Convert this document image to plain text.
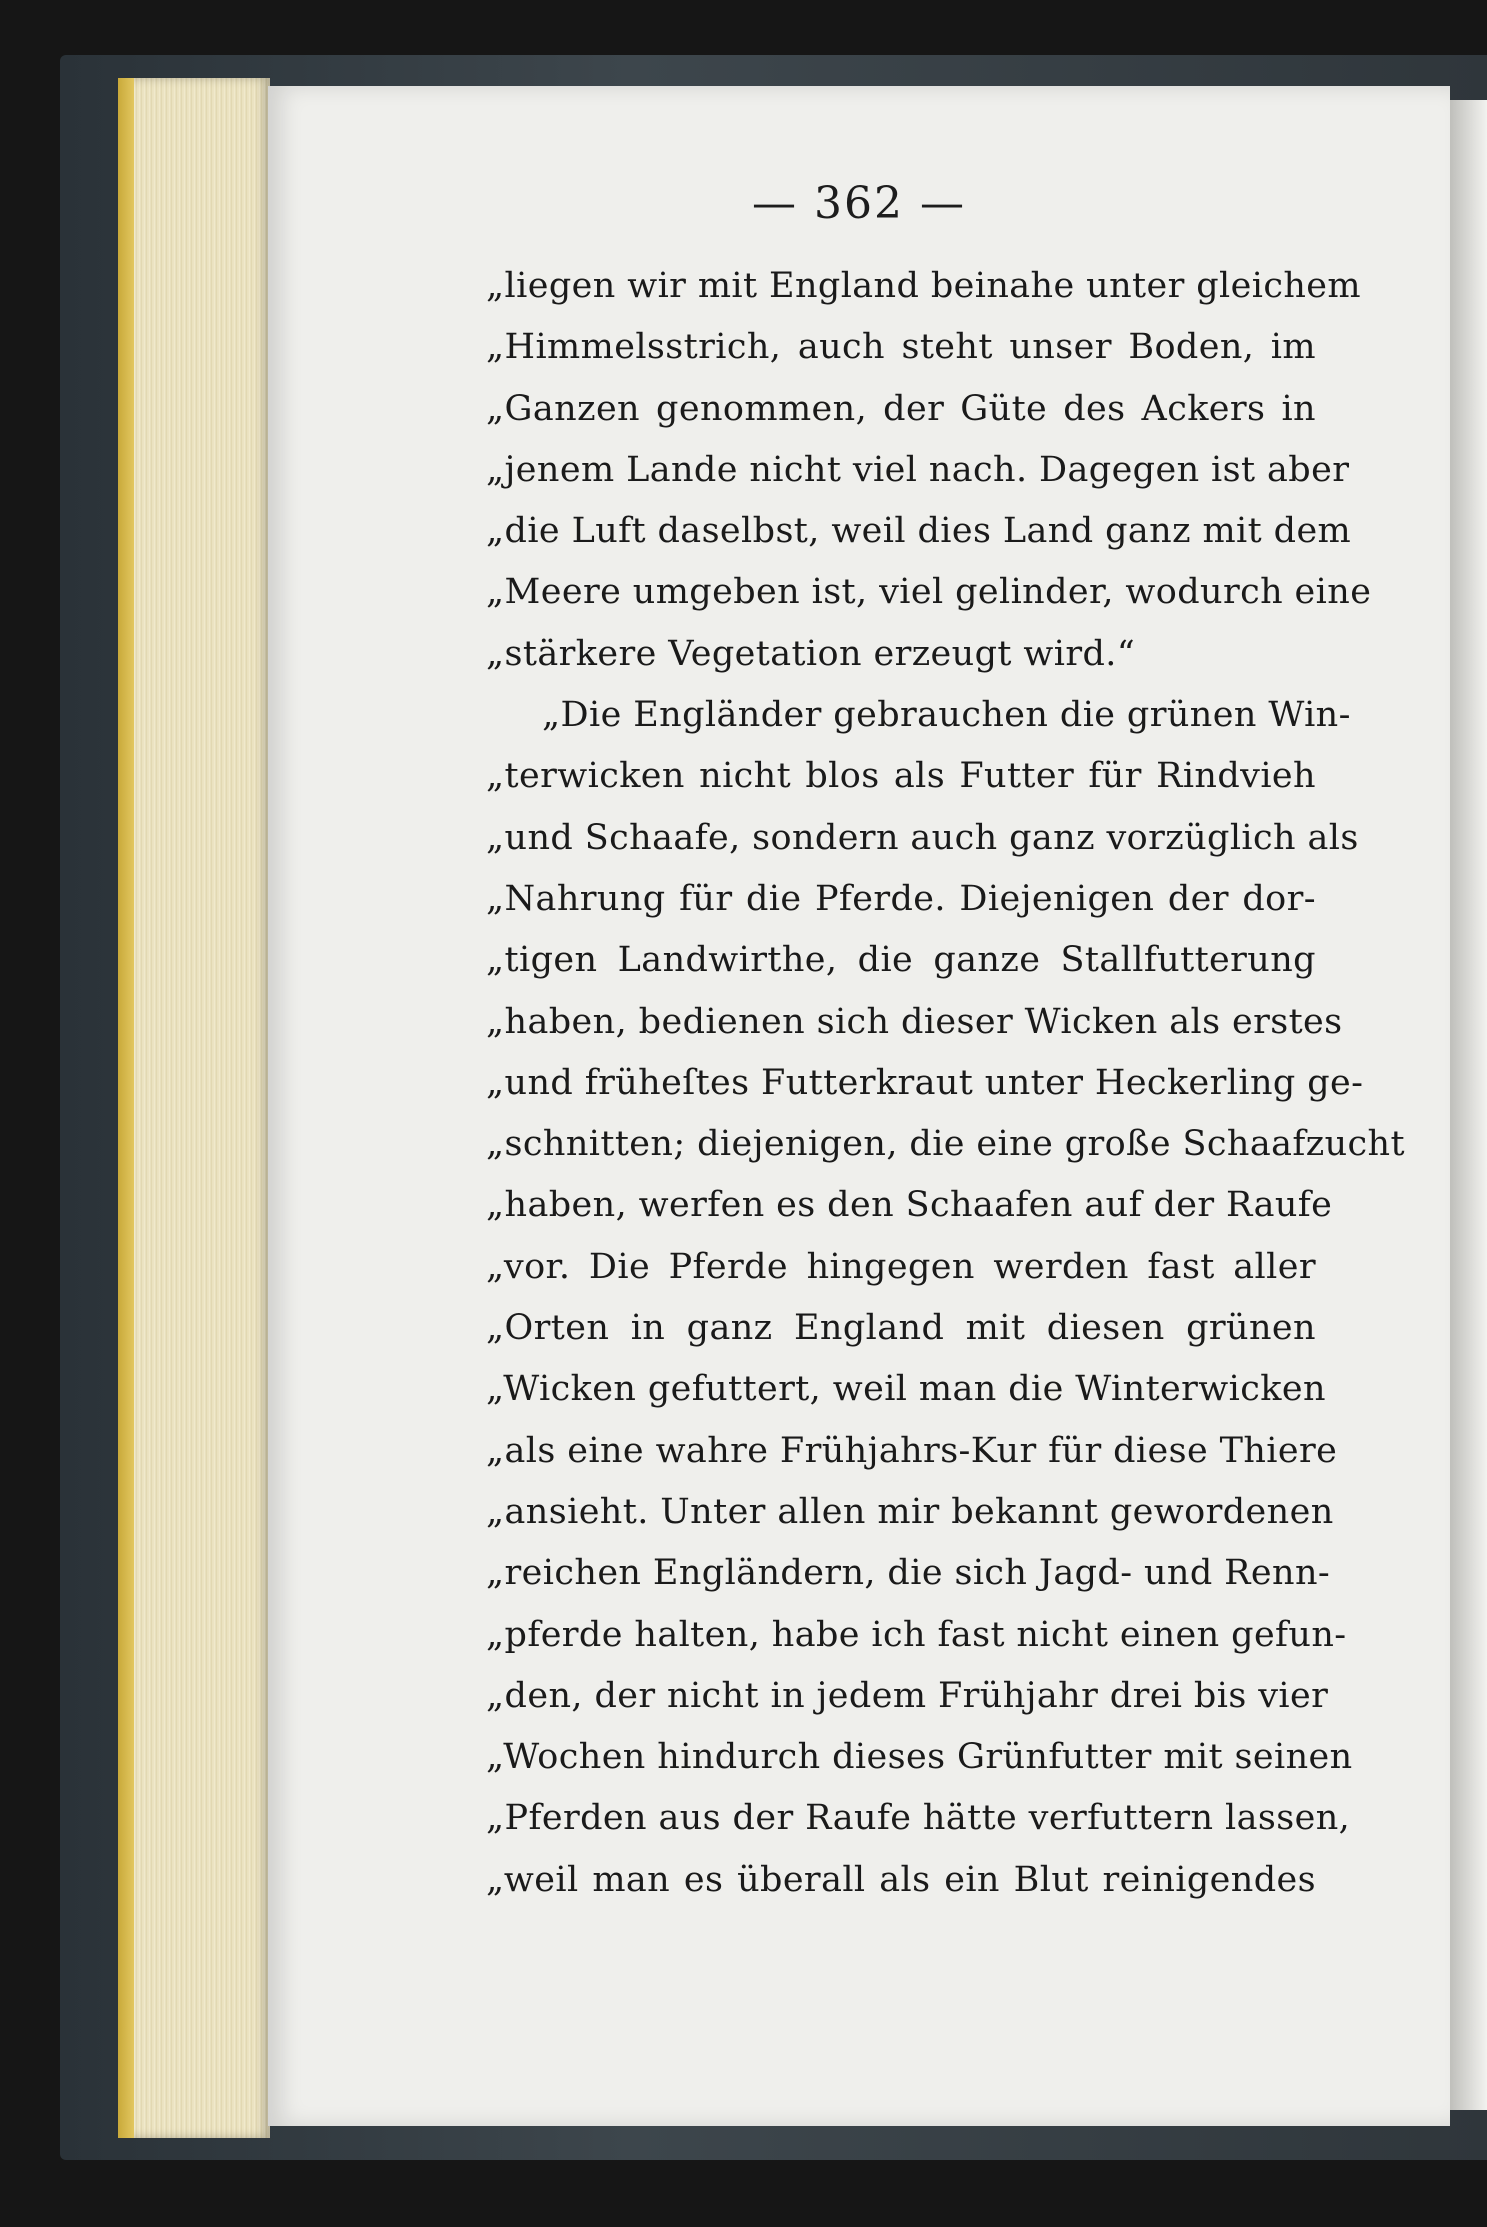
— 362 —
„liegen wir mit England beinahe unter gleichem
„Himmelsstrich, auch steht unser Boden, im
„Ganzen genommen, der Güte des Ackers in
„jenem Lande nicht viel nach. Dagegen ist aber
„die Luft daselbst, weil dies Land ganz mit dem
„Meere umgeben ist, viel gelinder, wodurch eine
„stärkere Vegetation erzeugt wird.“
„Die Engländer gebrauchen die grünen Win-
„terwicken nicht blos als Futter für Rindvieh
„und Schaafe, sondern auch ganz vorzüglich als
„Nahrung für die Pferde. Diejenigen der dor-
„tigen Landwirthe, die ganze Stallfutterung
„haben, bedienen sich dieser Wicken als erstes
„und früheſtes Futterkraut unter Heckerling ge-
„schnitten; diejenigen, die eine große Schaafzucht
„haben, werfen es den Schaafen auf der Raufe
„vor. Die Pferde hingegen werden fast aller
„Orten in ganz England mit diesen grünen
„Wicken gefuttert, weil man die Winterwicken
„als eine wahre Frühjahrs-Kur für diese Thiere
„ansieht. Unter allen mir bekannt gewordenen
„reichen Engländern, die sich Jagd- und Renn-
„pferde halten, habe ich fast nicht einen gefun-
„den, der nicht in jedem Frühjahr drei bis vier
„Wochen hindurch dieses Grünfutter mit seinen
„Pferden aus der Raufe hätte verfuttern lassen,
„weil man es überall als ein Blut reinigendes
